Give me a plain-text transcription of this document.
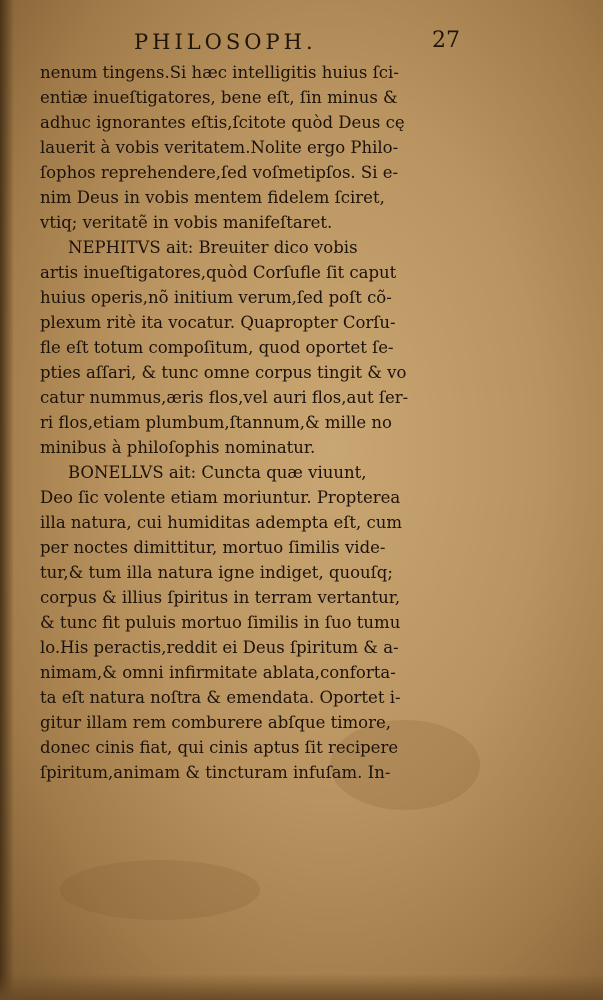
PHILOSOPH.	27
nenum tingens.Si hæc intelligitis huius ſci-
entiæ inueſtigatores, bene eſt, ſin minus &
adhuc ignorantes eſtis,ſcitote quòd Deus cę
lauerit à vobis veritatem.Nolite ergo Philo-
ſophos reprehendere,ſed voſmetipſos. Si e-
nim Deus in vobis mentem fidelem ſciret,
vtiq; veritatẽ in vobis manifeſtaret.
NEPHITVS ait: Breuiter dico vobis
artis inueſtigatores,quòd Corſufle ſit caput
huius operis,nõ initium verum,ſed poſt cõ-
plexum ritè ita vocatur. Quapropter Corſu-
fle eſt totum compoſitum, quod oportet ſe-
pties aſſari, & tunc omne corpus tingit & vo
catur nummus,æris flos,vel auri flos,aut ſer-
ri flos,etiam plumbum,ſtannum,& mille no
minibus à philoſophis nominatur.
BONELLVS ait: Cuncta quæ viuunt,
Deo ſic volente etiam moriuntur. Propterea
illa natura, cui humiditas adempta eſt, cum
per noctes dimittitur, mortuo ſimilis vide-
tur,& tum illa natura igne indiget, quouſq;
corpus & illius ſpiritus in terram vertantur,
& tunc fit puluis mortuo ſimilis in ſuo tumu
lo.His peractis,reddit ei Deus ſpiritum & a-
nimam,& omni infirmitate ablata,conforta-
ta eſt natura noſtra & emendata. Oportet i-
gitur illam rem comburere abſque timore,
donec cinis fiat, qui cinis aptus ſit recipere
ſpiritum,animam & tincturam infuſam. In-
